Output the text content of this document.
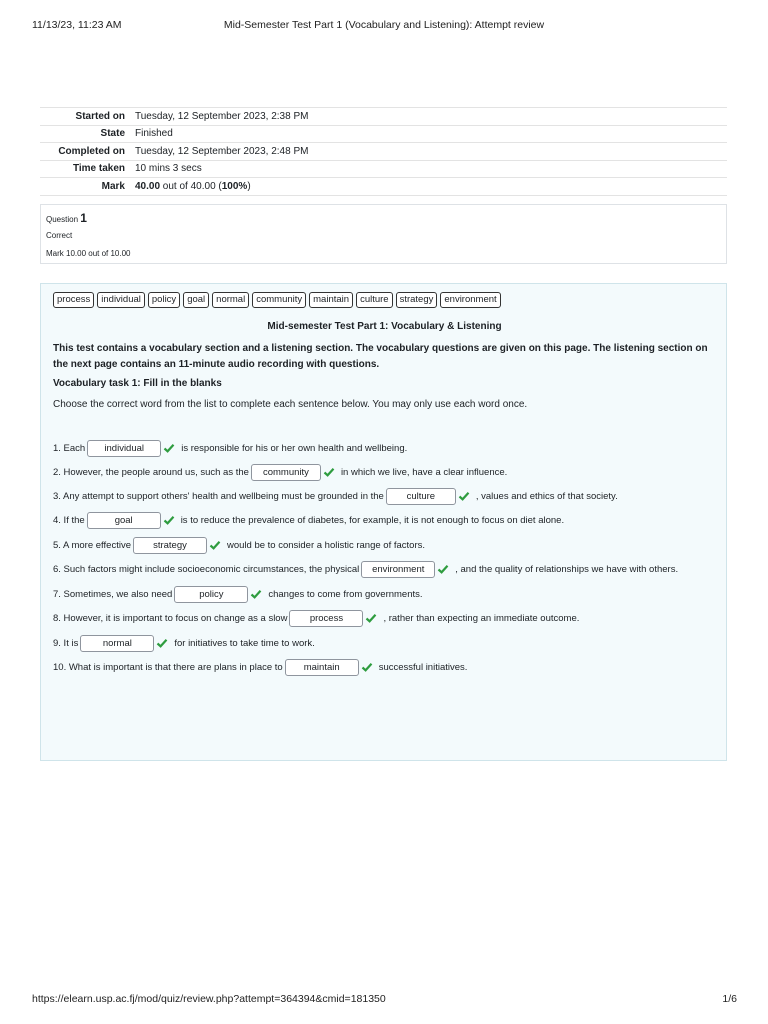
11/13/23, 11:23 AM	Mid-Semester Test Part 1 (Vocabulary and Listening): Attempt review
Started on	Tuesday, 12 September 2023, 2:38 PM
State	Finished
Completed on	Tuesday, 12 September 2023, 2:48 PM
Time taken	10 mins 3 secs
Mark	40.00 out of 40.00 (100%)
Question 1
Correct
Mark 10.00 out of 10.00
process	individual	policy	goal	normal	community	maintain	culture	strategy	environment
Mid-semester Test Part 1: Vocabulary & Listening
This test contains a vocabulary section and a listening section. The vocabulary questions are given on this page. The listening section on the next page contains an 11-minute audio recording with questions.
Vocabulary task 1: Fill in the blanks
Choose the correct word from the list to complete each sentence below. You may only use each word once.
1. Each	individual	is responsible for his or her own health and wellbeing.
2. However, the people around us, such as the	community	in which we live, have a clear influence.
3. Any attempt to support others' health and wellbeing must be grounded in the	culture	, values and ethics of that society.
4. If the	goal	is to reduce the prevalence of diabetes, for example, it is not enough to focus on diet alone.
5. A more effective	strategy	would be to consider a holistic range of factors.
6. Such factors might include socioeconomic circumstances, the physical	environment	, and the quality of relationships we have with others.
7. Sometimes, we also need	policy	changes to come from governments.
8. However, it is important to focus on change as a slow	process	, rather than expecting an immediate outcome.
9. It is	normal	for initiatives to take time to work.
10. What is important is that there are plans in place to	maintain	successful initiatives.
https://elearn.usp.ac.fj/mod/quiz/review.php?attempt=364394&cmid=181350	1/6
